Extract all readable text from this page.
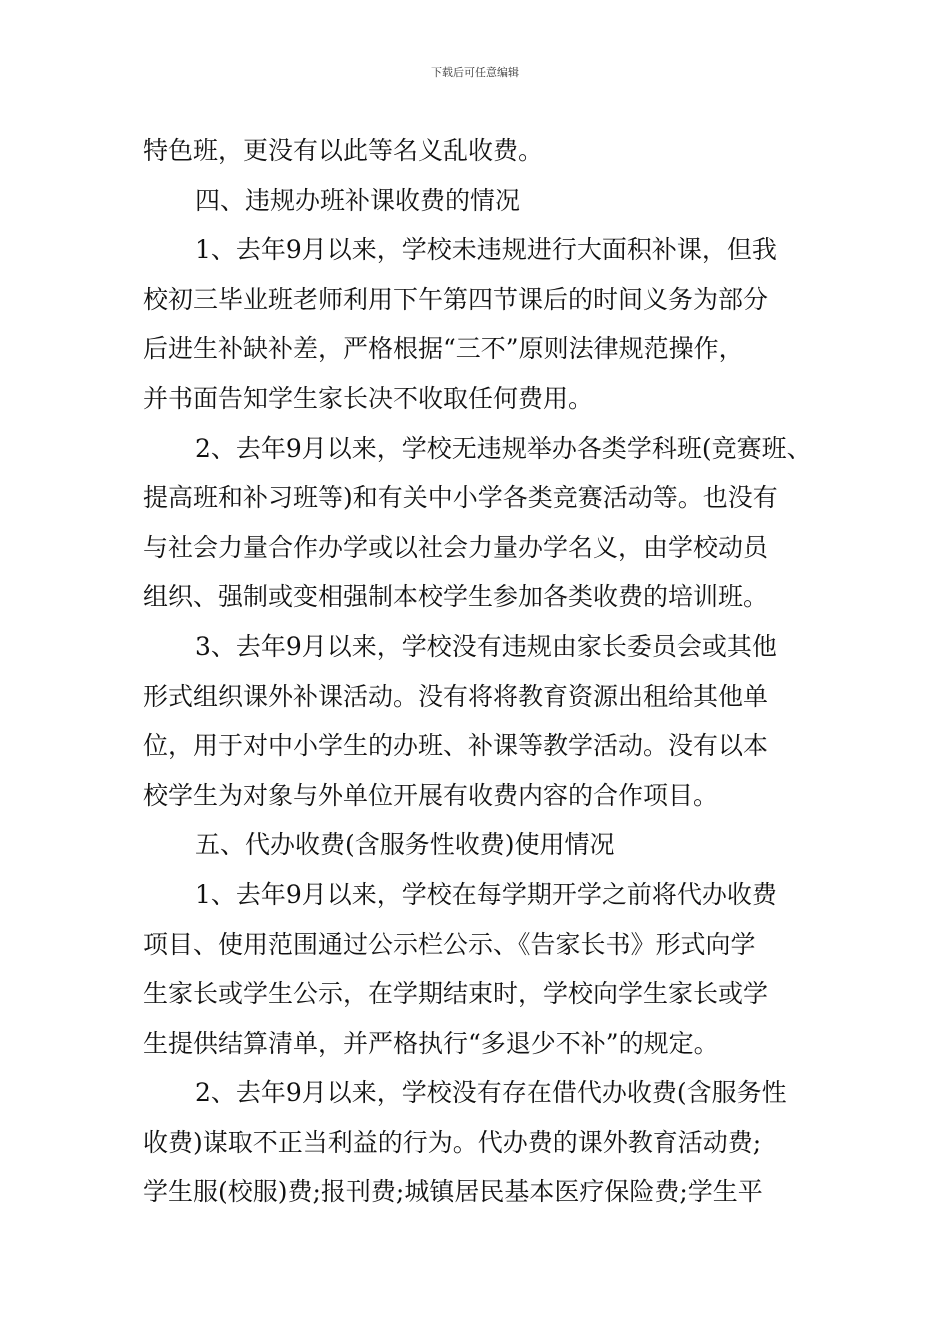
下载后可任意编辑
特色班，更没有以此等名义乱收费。
四、违规办班补课收费的情况
1、去年9月以来，学校未违规进行大面积补课，但我
校初三毕业班老师利用下午第四节课后的时间义务为部分
后进生补缺补差，严格根据“三不”原则法律规范操作，
并书面告知学生家长决不收取任何费用。
2、去年9月以来，学校无违规举办各类学科班(竞赛班、
提高班和补习班等)和有关中小学各类竞赛活动等。也没有
与社会力量合作办学或以社会力量办学名义，由学校动员
组织、强制或变相强制本校学生参加各类收费的培训班。
3、去年9月以来，学校没有违规由家长委员会或其他
形式组织课外补课活动。没有将将教育资源出租给其他单
位，用于对中小学生的办班、补课等教学活动。没有以本
校学生为对象与外单位开展有收费内容的合作项目。
五、代办收费(含服务性收费)使用情况
1、去年9月以来，学校在每学期开学之前将代办收费
项目、使用范围通过公示栏公示、《告家长书》形式向学
生家长或学生公示，在学期结束时，学校向学生家长或学
生提供结算清单，并严格执行“多退少不补”的规定。
2、去年9月以来，学校没有存在借代办收费(含服务性
收费)谋取不正当利益的行为。代办费的课外教育活动费;
学生服(校服)费;报刊费;城镇居民基本医疗保险费;学生平
